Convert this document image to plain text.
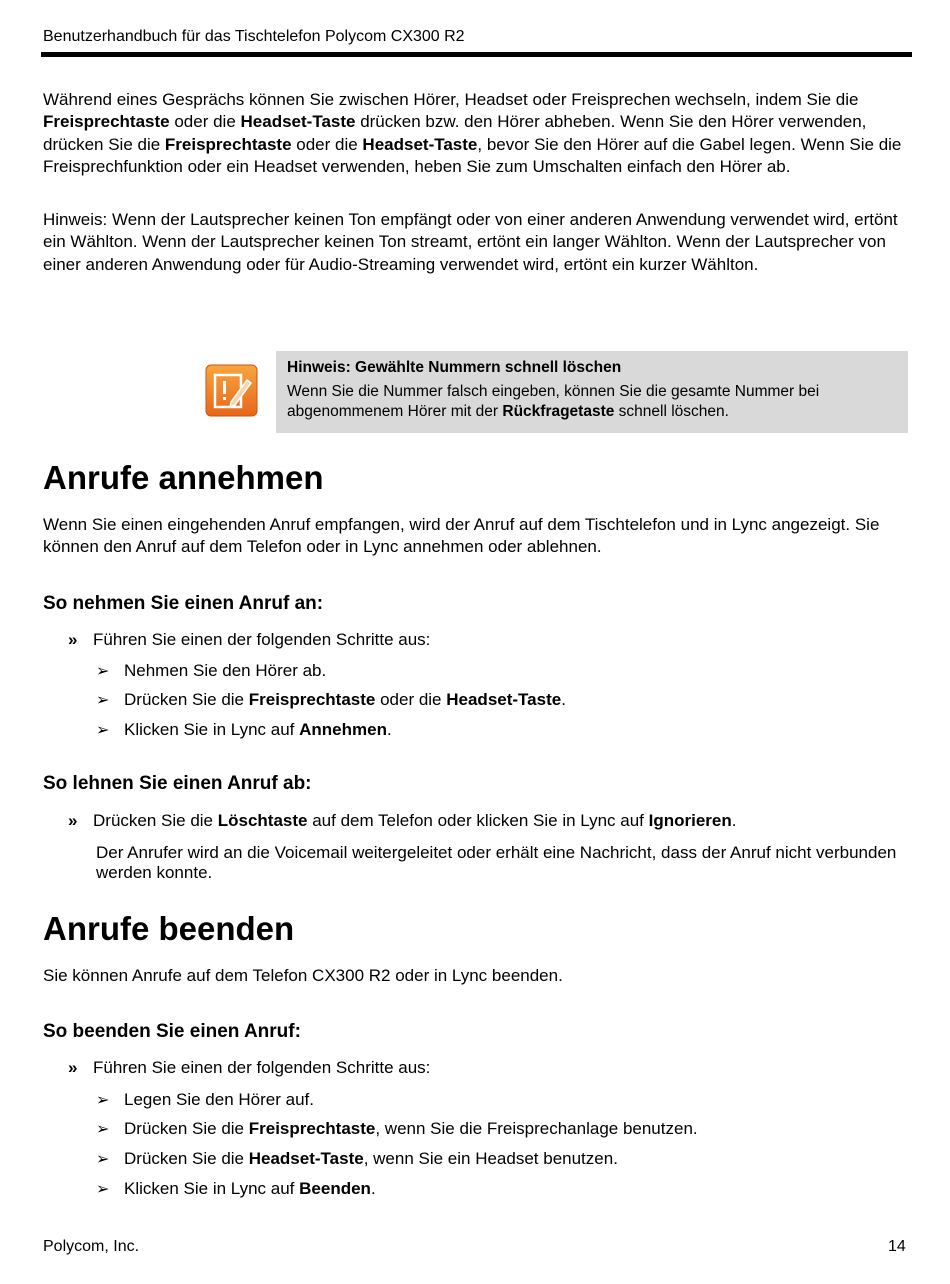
Benutzerhandbuch für das Tischtelefon Polycom CX300 R2
Während eines Gesprächs können Sie zwischen Hörer, Headset oder Freisprechen wechseln, indem Sie die Freisprechtaste oder die Headset-Taste drücken bzw. den Hörer abheben. Wenn Sie den Hörer verwenden, drücken Sie die Freisprechtaste oder die Headset-Taste, bevor Sie den Hörer auf die Gabel legen. Wenn Sie die Freisprechfunktion oder ein Headset verwenden, heben Sie zum Umschalten einfach den Hörer ab.
Hinweis: Wenn der Lautsprecher keinen Ton empfängt oder von einer anderen Anwendung verwendet wird, ertönt ein Wählton. Wenn der Lautsprecher keinen Ton streamt, ertönt ein langer Wählton. Wenn der Lautsprecher von einer anderen Anwendung oder für Audio-Streaming verwendet wird, ertönt ein kurzer Wählton.
Hinweis: Gewählte Nummern schnell löschen
Wenn Sie die Nummer falsch eingeben, können Sie die gesamte Nummer bei abgenommenem Hörer mit der Rückfragetaste schnell löschen.
Anrufe annehmen
Wenn Sie einen eingehenden Anruf empfangen, wird der Anruf auf dem Tischtelefon und in Lync angezeigt. Sie können den Anruf auf dem Telefon oder in Lync annehmen oder ablehnen.
So nehmen Sie einen Anruf an:
» Führen Sie einen der folgenden Schritte aus:
➢ Nehmen Sie den Hörer ab.
➢ Drücken Sie die Freisprechtaste oder die Headset-Taste.
➢ Klicken Sie in Lync auf Annehmen.
So lehnen Sie einen Anruf ab:
» Drücken Sie die Löschtaste auf dem Telefon oder klicken Sie in Lync auf Ignorieren.
Der Anrufer wird an die Voicemail weitergeleitet oder erhält eine Nachricht, dass der Anruf nicht verbunden werden konnte.
Anrufe beenden
Sie können Anrufe auf dem Telefon CX300 R2 oder in Lync beenden.
So beenden Sie einen Anruf:
» Führen Sie einen der folgenden Schritte aus:
➢ Legen Sie den Hörer auf.
➢ Drücken Sie die Freisprechtaste, wenn Sie die Freisprechanlage benutzen.
➢ Drücken Sie die Headset-Taste, wenn Sie ein Headset benutzen.
➢ Klicken Sie in Lync auf Beenden.
Polycom, Inc.	14
